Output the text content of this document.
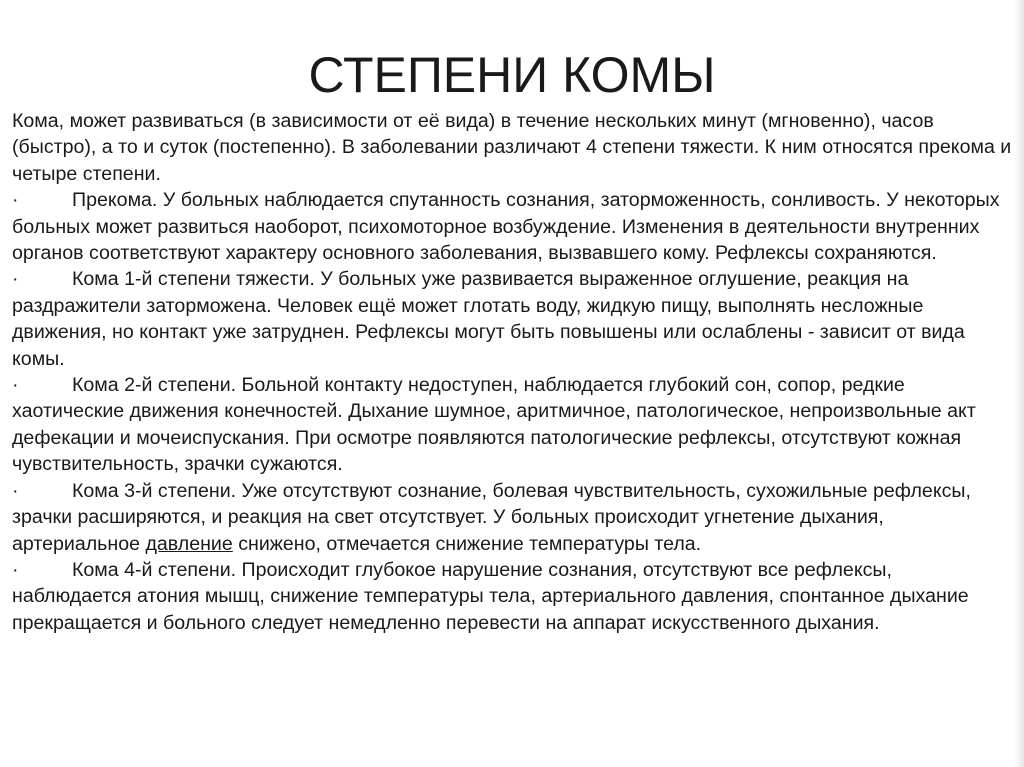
СТЕПЕНИ КОМЫ

Кома, может развиваться (в зависимости от её вида) в течение нескольких минут (мгновенно), часов (быстро), а то и суток (постепенно). В заболевании различают 4 степени тяжести. К ним относятся прекома и четыре степени.

·	Прекома. У больных наблюдается спутанность сознания, заторможенность, сонливость. У некоторых больных может развиться наоборот, психомоторное возбуждение. Изменения в деятельности внутренних органов соответствуют характеру основного заболевания, вызвавшего кому. Рефлексы сохраняются.
·	Кома 1-й степени тяжести. У больных уже развивается выраженное оглушение, реакция на раздражители заторможена. Человек ещё может глотать воду, жидкую пищу, выполнять несложные движения, но контакт уже затруднен. Рефлексы могут быть повышены или ослаблены - зависит от вида комы.
·	Кома 2-й степени. Больной контакту недоступен, наблюдается глубокий сон, сопор, редкие хаотические движения конечностей. Дыхание шумное, аритмичное, патологическое, непроизвольные акт дефекации и мочеиспускания. При осмотре появляются патологические рефлексы, отсутствуют кожная чувствительность, зрачки сужаются.
·	Кома 3-й степени. Уже отсутствуют сознание, болевая чувствительность, сухожильные рефлексы, зрачки расширяются, и реакция на свет отсутствует. У больных происходит угнетение дыхания, артериальное давление снижено, отмечается снижение температуры тела.
·	Кома 4-й степени. Происходит глубокое нарушение сознания, отсутствуют все рефлексы, наблюдается атония мышц, снижение температуры тела, артериального давления, спонтанное дыхание прекращается и больного следует немедленно перевести на аппарат искусственного дыхания.
